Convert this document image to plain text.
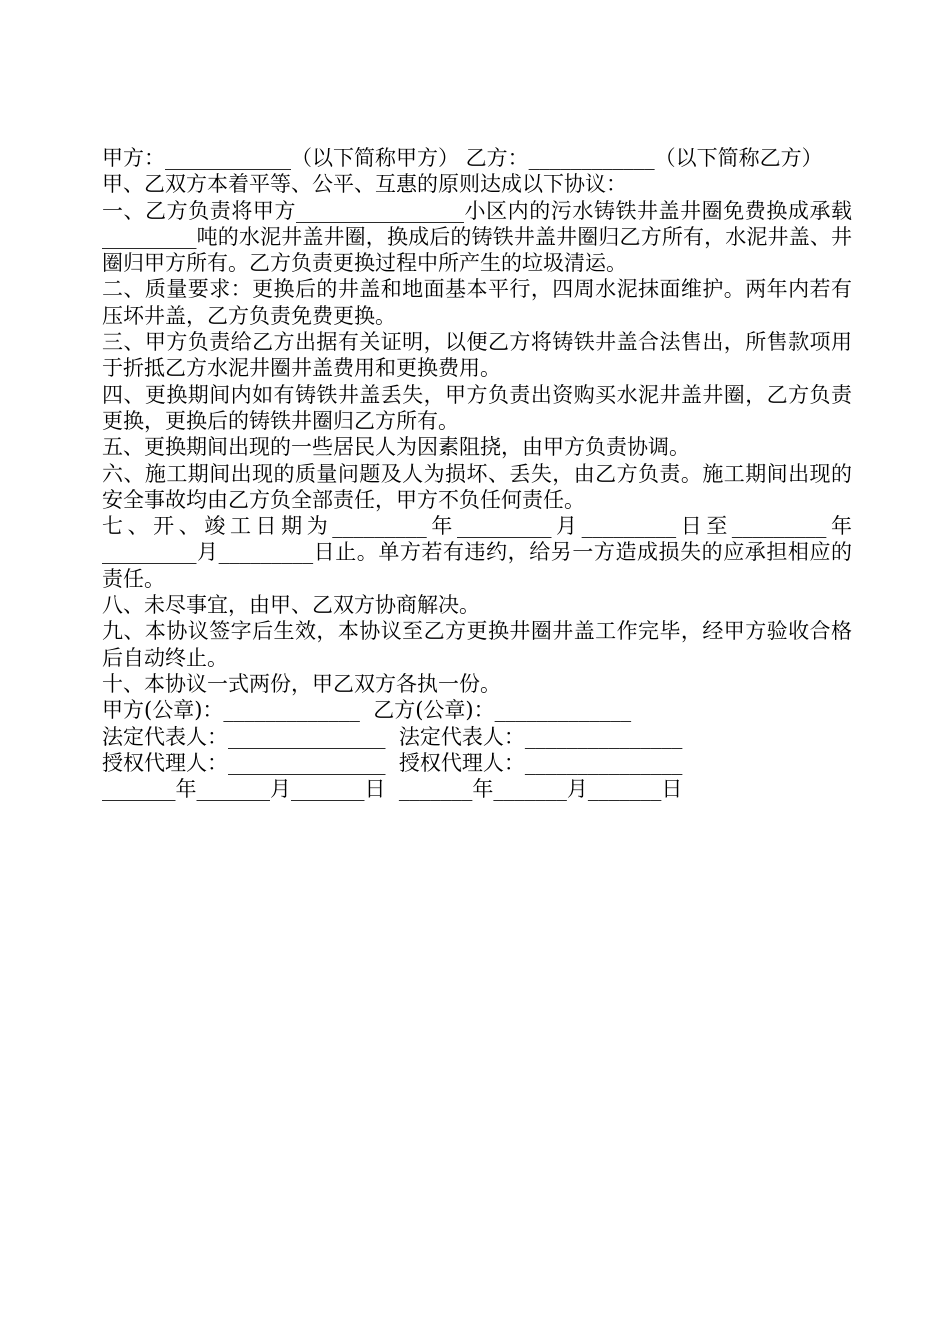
甲方：____________（以下简称甲方） 乙方：____________（以下简称乙方）

甲、乙双方本着平等、公平、互惠的原则达成以下协议：

一、乙方负责将甲方________________小区内的污水铸铁井盖井圈免费换成承载_________吨的水泥井盖井圈，换成后的铸铁井盖井圈归乙方所有，水泥井盖、井圈归甲方所有。乙方负责更换过程中所产生的垃圾清运。

二、质量要求：更换后的井盖和地面基本平行，四周水泥抹面维护。两年内若有压坏井盖，乙方负责免费更换。

三、甲方负责给乙方出据有关证明，以便乙方将铸铁井盖合法售出，所售款项用于折抵乙方水泥井圈井盖费用和更换费用。

四、更换期间内如有铸铁井盖丢失，甲方负责出资购买水泥井盖井圈，乙方负责更换，更换后的铸铁井圈归乙方所有。

五、更换期间出现的一些居民人为因素阻挠，由甲方负责协调。

六、施工期间出现的质量问题及人为损坏、丢失，由乙方负责。施工期间出现的安全事故均由乙方负全部责任，甲方不负任何责任。

七、开、竣工日期为_________年_________月_________日至_________年_________月_________日止。单方若有违约，给另一方造成损失的应承担相应的责任。

八、未尽事宜，由甲、乙双方协商解决。

九、本协议签字后生效，本协议至乙方更换井圈井盖工作完毕，经甲方验收合格后自动终止。

十、本协议一式两份，甲乙双方各执一份。

甲方(公章)：_____________  乙方(公章)：_____________

法定代表人：_______________  法定代表人：_______________

授权代理人：_______________  授权代理人：_______________

_______年_______月_______日  _______年_______月_______日
